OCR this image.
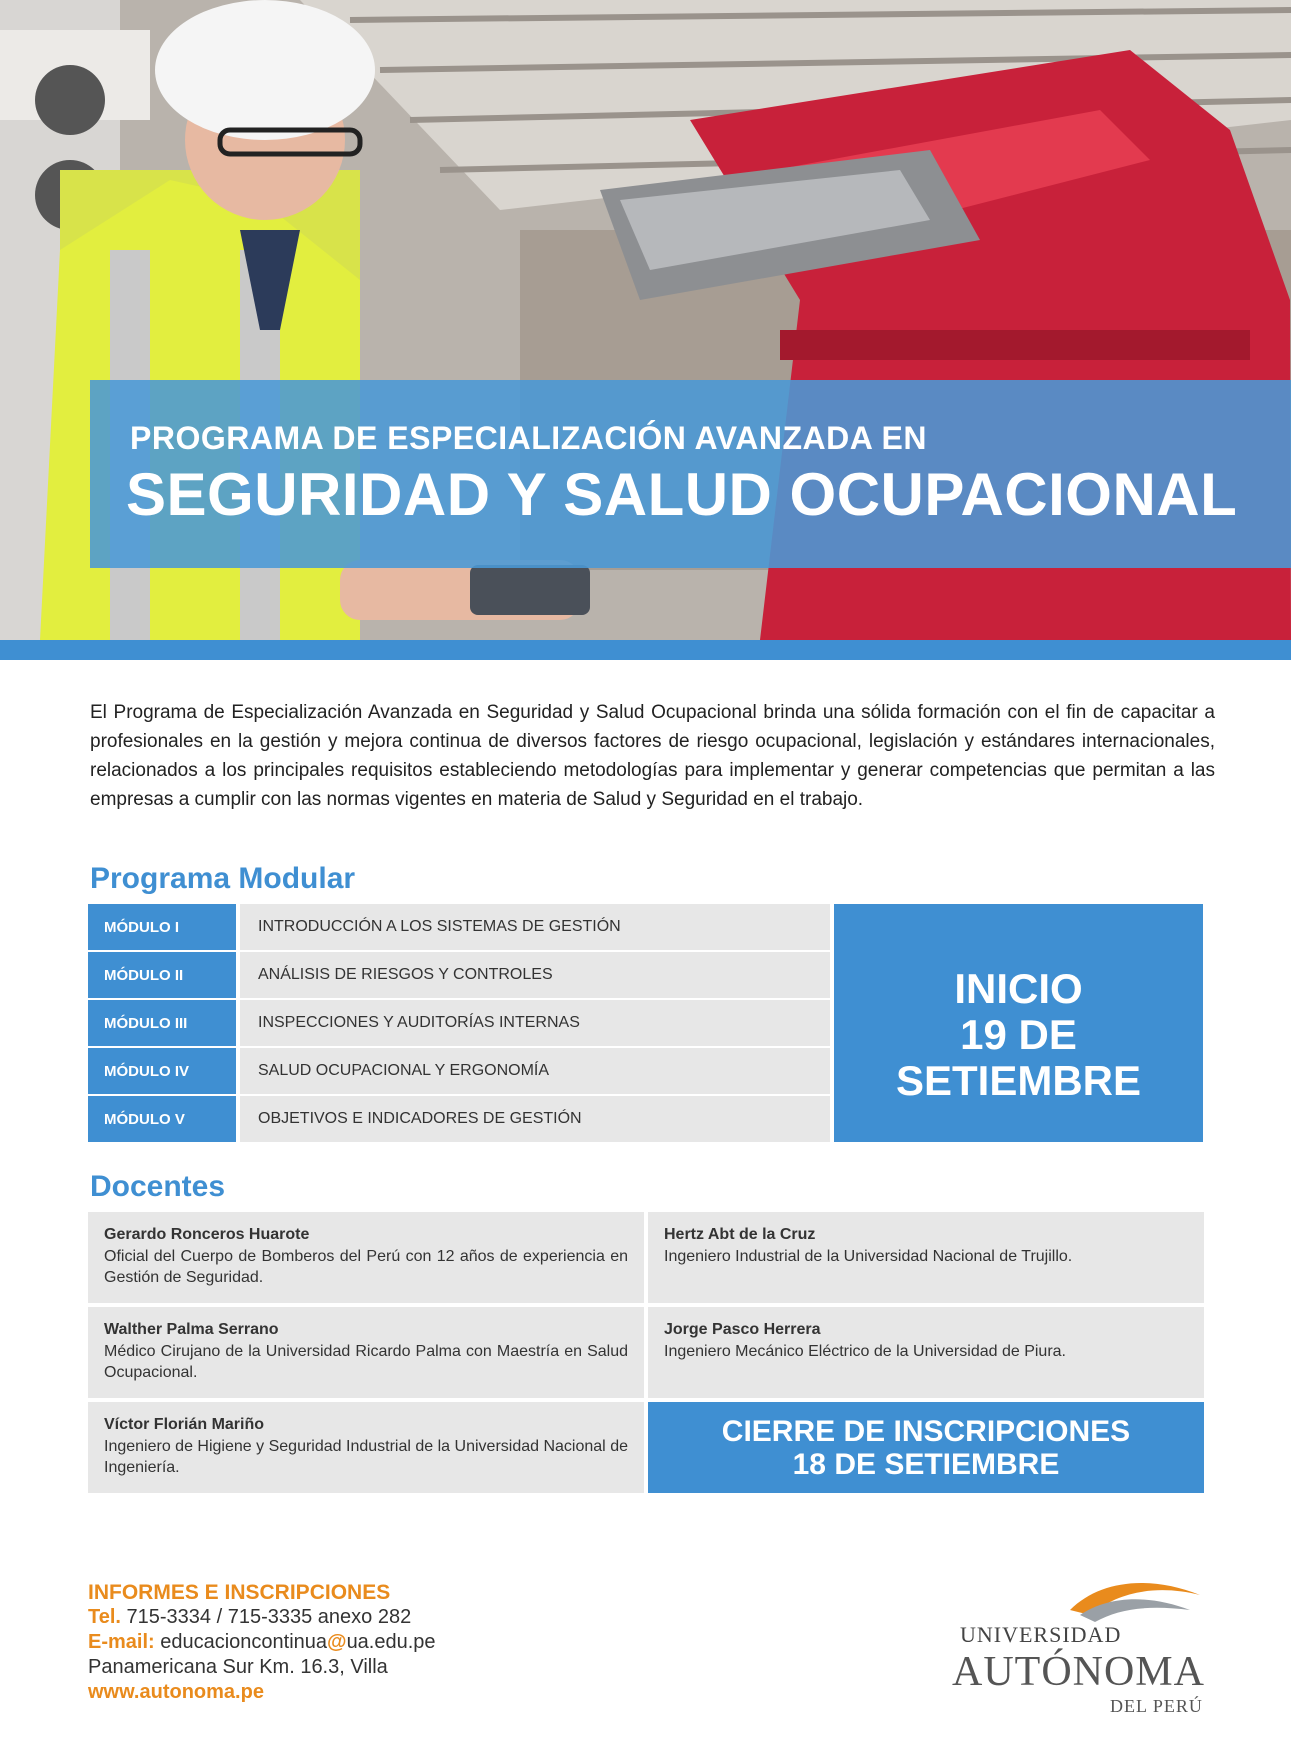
PROGRAMA DE ESPECIALIZACIÓN AVANZADA EN
SEGURIDAD Y SALUD OCUPACIONAL
El Programa de Especialización Avanzada en Seguridad y Salud Ocupacional brinda una sólida formación con el fin de capacitar a profesionales en la gestión y mejora continua de diversos factores de riesgo ocupacional, legislación y estándares internacionales, relacionados a los principales requisitos estableciendo metodologías para implementar y generar competencias que permitan a las empresas a cumplir con las normas vigentes en materia de Salud y Seguridad en el trabajo.
Programa Modular
MÓDULO I	INTRODUCCIÓN A LOS SISTEMAS DE GESTIÓN
MÓDULO II	ANÁLISIS DE RIESGOS Y CONTROLES
MÓDULO III	INSPECCIONES Y AUDITORÍAS INTERNAS
MÓDULO IV	SALUD OCUPACIONAL Y ERGONOMÍA
MÓDULO V	OBJETIVOS E INDICADORES DE GESTIÓN
INICIO
19 DE SETIEMBRE
Docentes
Gerardo Ronceros Huarote
Oficial del Cuerpo de Bomberos del Perú con 12 años de experiencia en Gestión de Seguridad.
Hertz Abt de la Cruz
Ingeniero Industrial de la Universidad Nacional de Trujillo.
Walther Palma Serrano
Médico Cirujano de la Universidad Ricardo Palma con Maestría en Salud Ocupacional.
Jorge Pasco Herrera
Ingeniero Mecánico Eléctrico de la Universidad de Piura.
Víctor Florián Mariño
Ingeniero de Higiene y Seguridad Industrial de la Universidad Nacional de Ingeniería.
CIERRE DE INSCRIPCIONES
18 DE SETIEMBRE
INFORMES E INSCRIPCIONES
Tel. 715-3334 / 715-3335 anexo 282
E-mail: educacioncontinua@ua.edu.pe
Panamericana Sur Km. 16.3, Villa
www.autonoma.pe
UNIVERSIDAD
AUTÓNOMA
DEL PERÚ
